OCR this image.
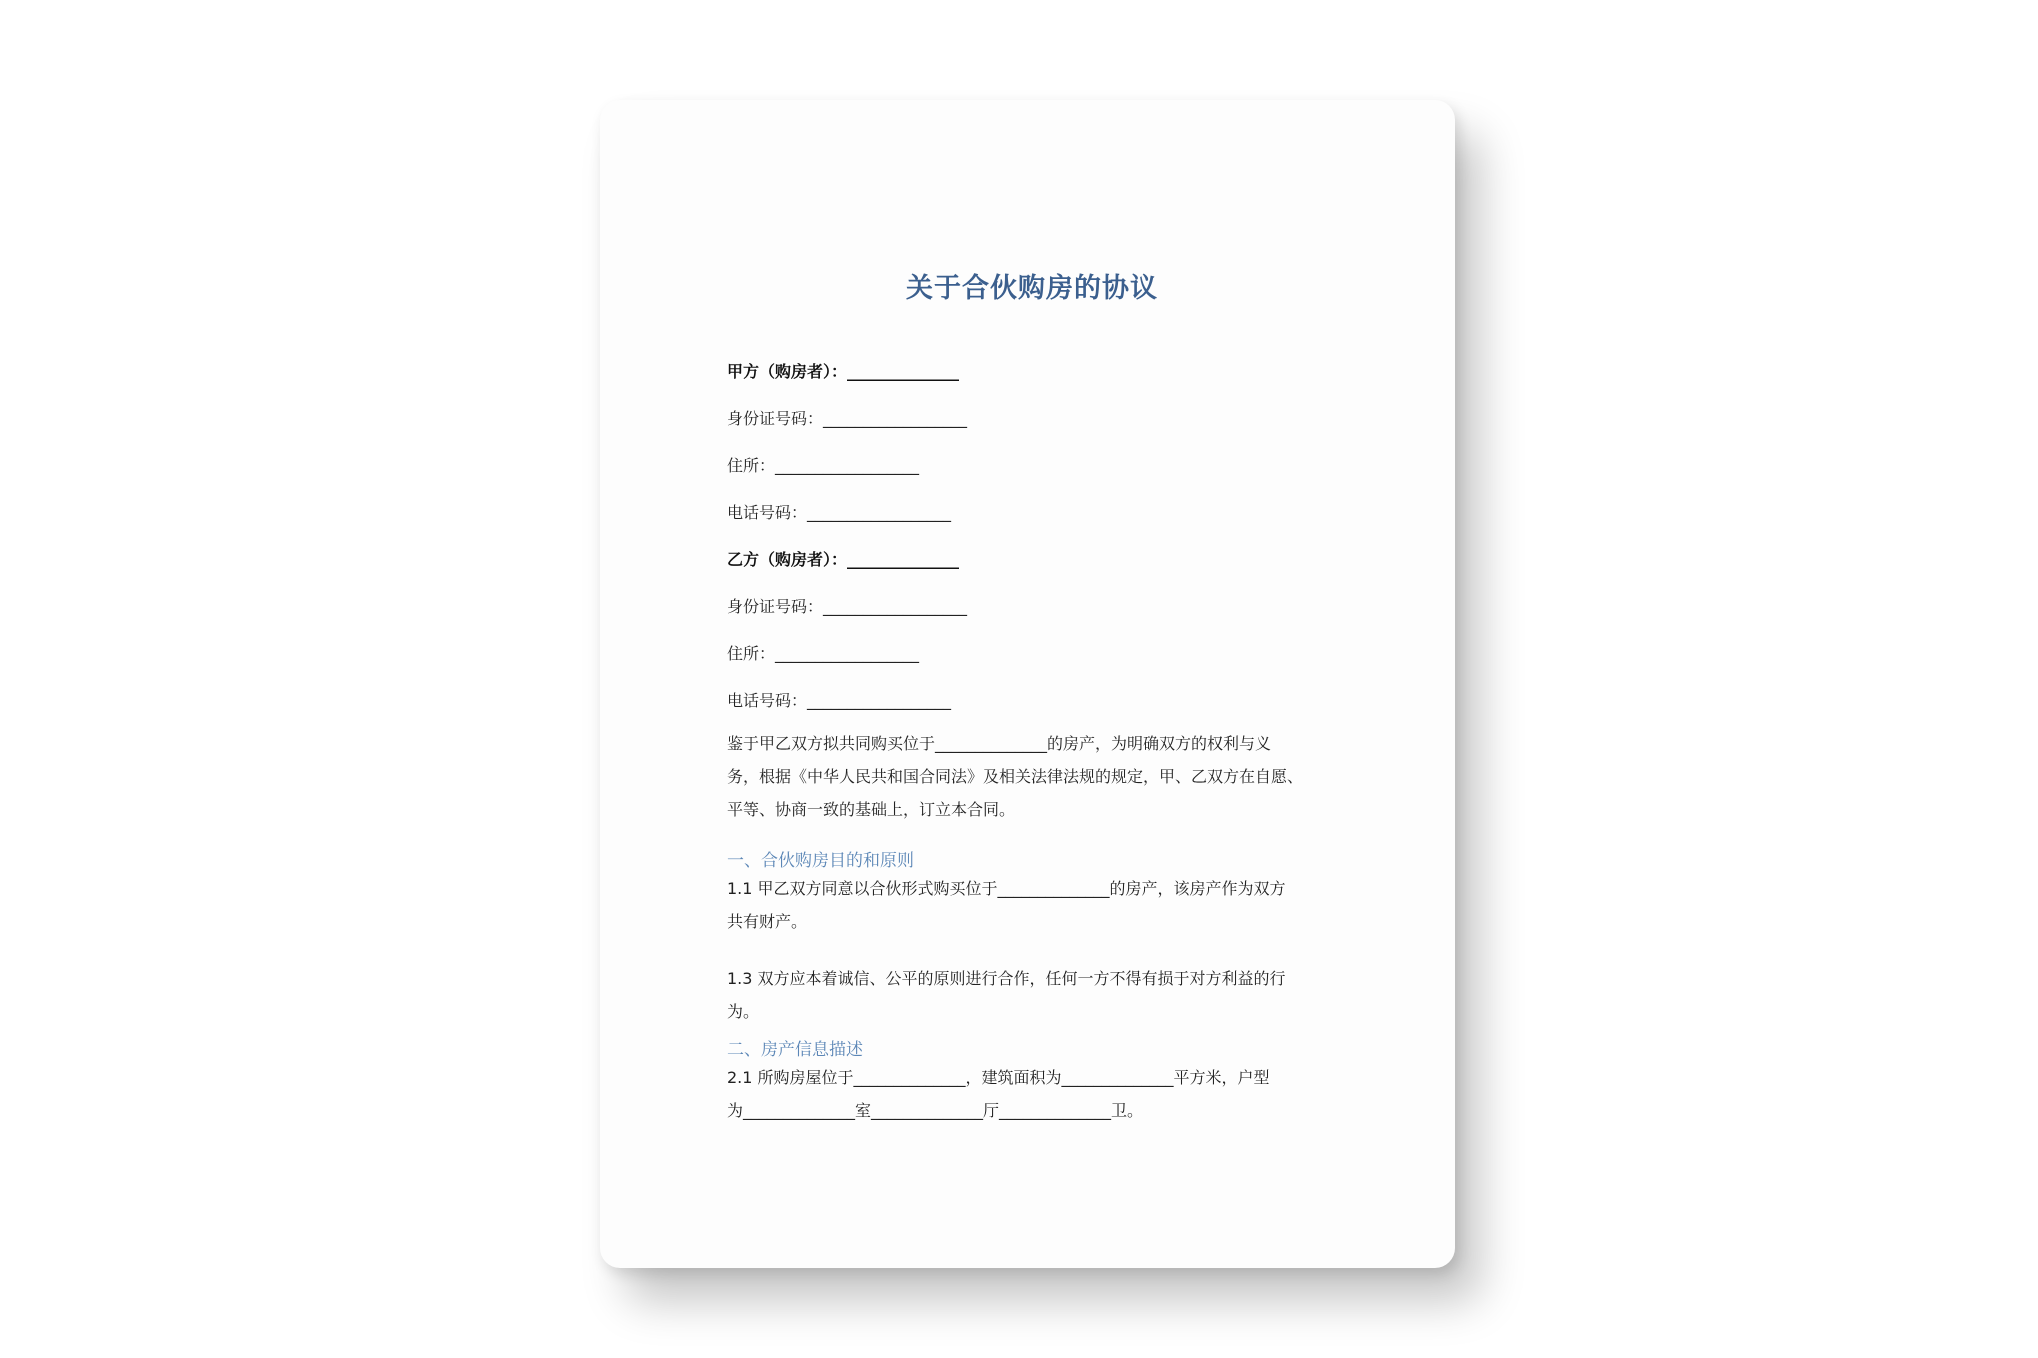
关于合伙购房的协议
甲方（购房者）：______________
身份证号码：__________________
住所：__________________
电话号码：__________________
乙方（购房者）：______________
身份证号码：__________________
住所：__________________
电话号码：__________________
鉴于甲乙双方拟共同购买位于______________的房产，为明确双方的权利与义
务，根据《中华人民共和国合同法》及相关法律法规的规定，甲、乙双方在自愿、
平等、协商一致的基础上，订立本合同。
一、合伙购房目的和原则
1.1 甲乙双方同意以合伙形式购买位于______________的房产，该房产作为双方
共有财产。
1.3 双方应本着诚信、公平的原则进行合作，任何一方不得有损于对方利益的行
为。
二、房产信息描述
2.1 所购房屋位于______________，建筑面积为______________平方米，户型
为______________室______________厅______________卫。
